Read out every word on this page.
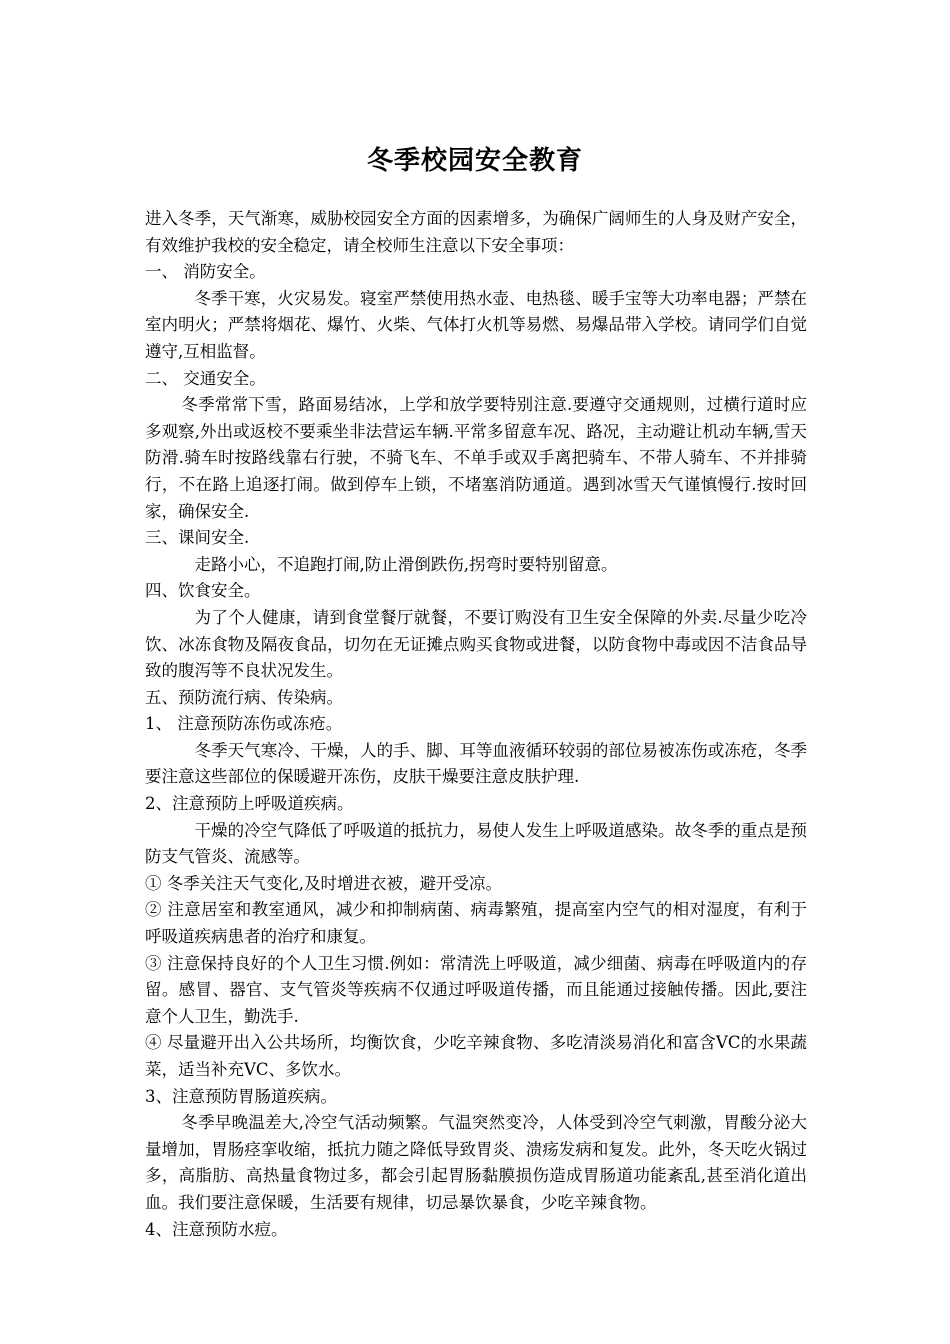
冬季校园安全教育

进入冬季，天气渐寒，威胁校园安全方面的因素增多，为确保广阔师生的人身及财产安全，有效维护我校的安全稳定，请全校师生注意以下安全事项：

一、 消防安全。

冬季干寒，火灾易发。寝室严禁使用热水壶、电热毯、暖手宝等大功率电器；严禁在室内明火；严禁将烟花、爆竹、火柴、气体打火机等易燃、易爆品带入学校。请同学们自觉遵守,互相监督。

二、 交通安全。

冬季常常下雪，路面易结冰，上学和放学要特别注意.要遵守交通规则，过横行道时应多观察,外出或返校不要乘坐非法营运车辆.平常多留意车况、路况，主动避让机动车辆,雪天防滑.骑车时按路线靠右行驶，不骑飞车、不单手或双手离把骑车、不带人骑车、不并排骑行，不在路上追逐打闹。做到停车上锁，不堵塞消防通道。遇到冰雪天气谨慎慢行.按时回家，确保安全.

三、课间安全.

走路小心，不追跑打闹,防止滑倒跌伤,拐弯时要特别留意。

四、饮食安全。

为了个人健康，请到食堂餐厅就餐，不要订购没有卫生安全保障的外卖.尽量少吃冷饮、冰冻食物及隔夜食品，切勿在无证摊点购买食物或进餐，以防食物中毒或因不洁食品导致的腹泻等不良状况发生。

五、预防流行病、传染病。

1、 注意预防冻伤或冻疮。

冬季天气寒冷、干燥，人的手、脚、耳等血液循环较弱的部位易被冻伤或冻疮，冬季要注意这些部位的保暖避开冻伤，皮肤干燥要注意皮肤护理.

2、注意预防上呼吸道疾病。

干燥的冷空气降低了呼吸道的抵抗力，易使人发生上呼吸道感染。故冬季的重点是预防支气管炎、流感等。

① 冬季关注天气变化,及时增进衣被，避开受凉。

② 注意居室和教室通风，减少和抑制病菌、病毒繁殖，提高室内空气的相对湿度，有利于呼吸道疾病患者的治疗和康复。

③ 注意保持良好的个人卫生习惯.例如：常清洗上呼吸道，减少细菌、病毒在呼吸道内的存留。感冒、器官、支气管炎等疾病不仅通过呼吸道传播，而且能通过接触传播。因此,要注意个人卫生，勤洗手.

④ 尽量避开出入公共场所，均衡饮食，少吃辛辣食物、多吃清淡易消化和富含VC的水果蔬菜，适当补充VC、多饮水。

3、注意预防胃肠道疾病。

冬季早晚温差大,冷空气活动频繁。气温突然变冷，人体受到冷空气刺激，胃酸分泌大量增加，胃肠痉挛收缩，抵抗力随之降低导致胃炎、溃疡发病和复发。此外，冬天吃火锅过多，高脂肪、高热量食物过多，都会引起胃肠黏膜损伤造成胃肠道功能紊乱,甚至消化道出血。我们要注意保暖，生活要有规律，切忌暴饮暴食，少吃辛辣食物。

4、注意预防水痘。
